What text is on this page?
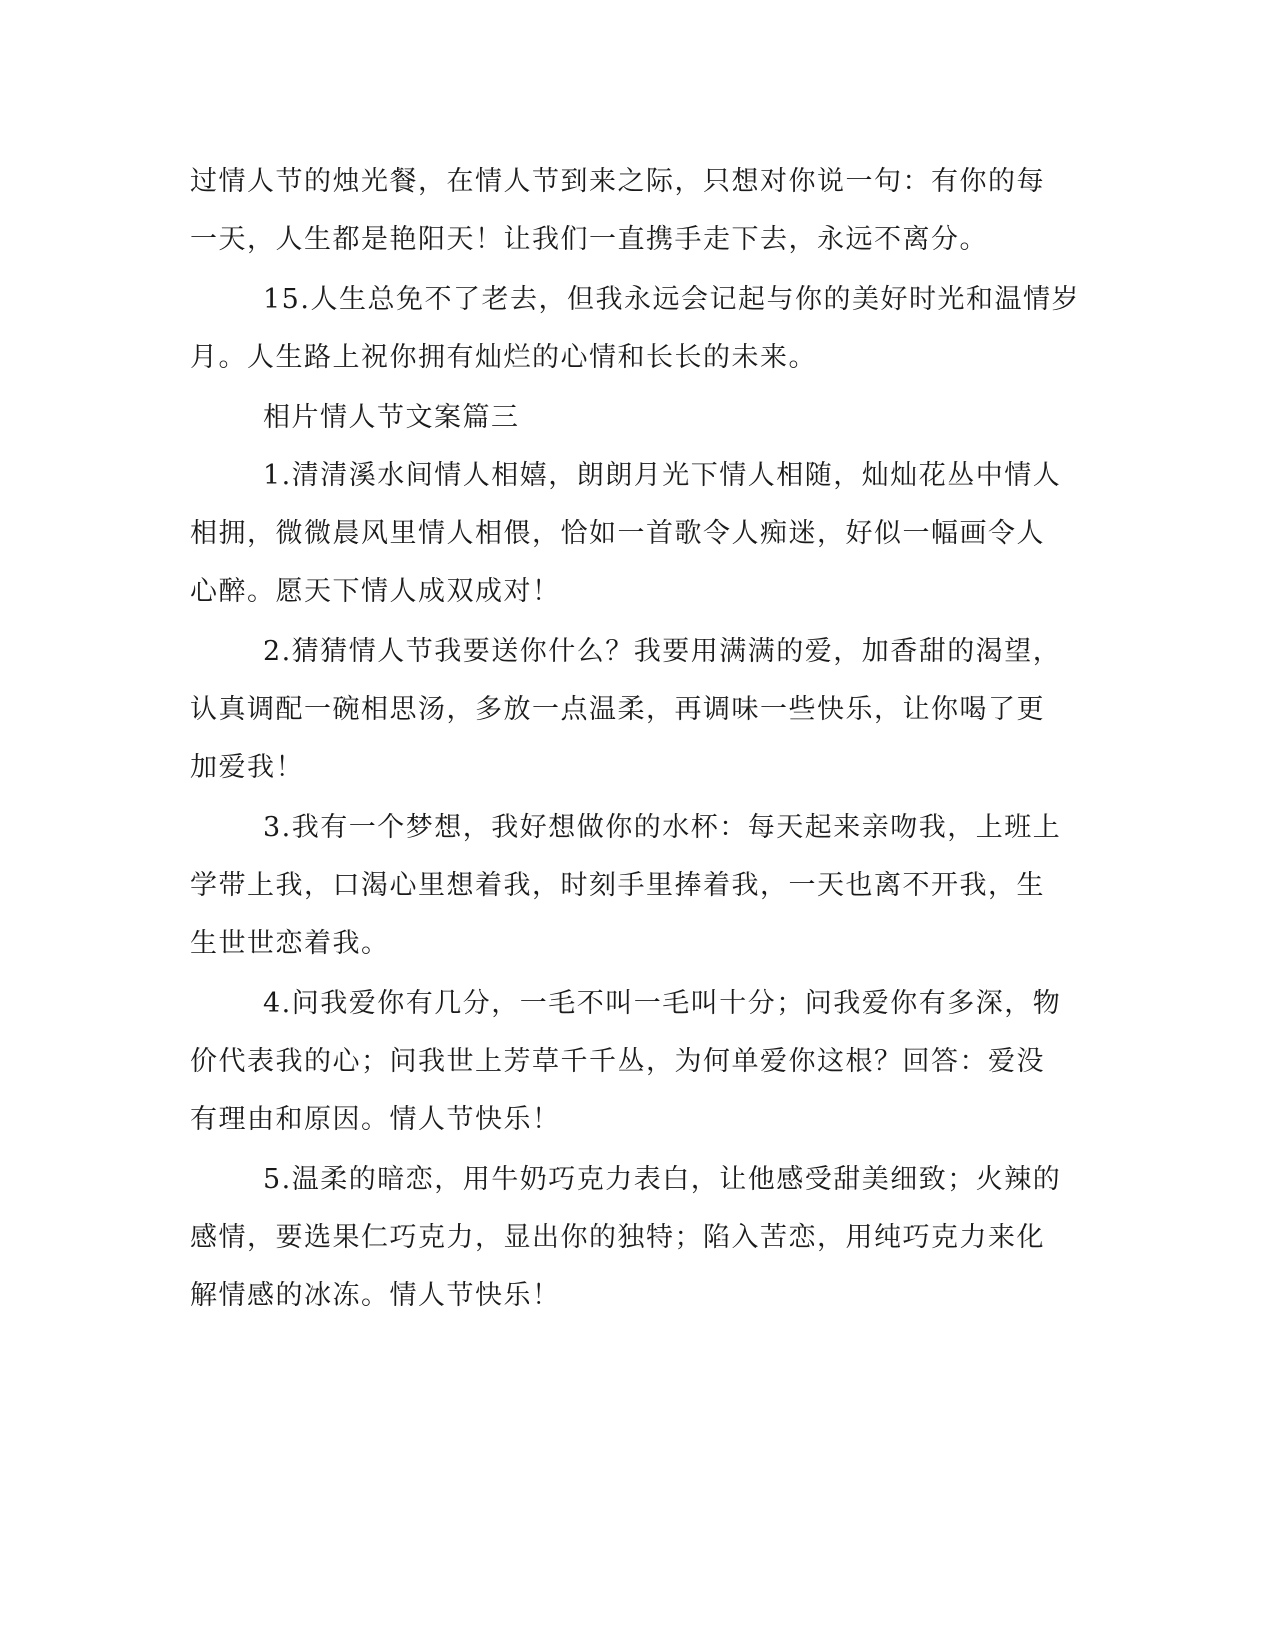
过情人节的烛光餐，在情人节到来之际，只想对你说一句：有你的每
一天，人生都是艳阳天！让我们一直携手走下去，永远不离分。
15.人生总免不了老去，但我永远会记起与你的美好时光和温情岁
月。人生路上祝你拥有灿烂的心情和长长的未来。
相片情人节文案篇三
1.清清溪水间情人相嬉，朗朗月光下情人相随，灿灿花丛中情人
相拥，微微晨风里情人相偎，恰如一首歌令人痴迷，好似一幅画令人
心醉。愿天下情人成双成对！
2.猜猜情人节我要送你什么？我要用满满的爱，加香甜的渴望，
认真调配一碗相思汤，多放一点温柔，再调味一些快乐，让你喝了更
加爱我！
3.我有一个梦想，我好想做你的水杯：每天起来亲吻我，上班上
学带上我，口渴心里想着我，时刻手里捧着我，一天也离不开我，生
生世世恋着我。
4.问我爱你有几分，一毛不叫一毛叫十分；问我爱你有多深，物
价代表我的心；问我世上芳草千千丛，为何单爱你这根？回答：爱没
有理由和原因。情人节快乐！
5.温柔的暗恋，用牛奶巧克力表白，让他感受甜美细致；火辣的
感情，要选果仁巧克力，显出你的独特；陷入苦恋，用纯巧克力来化
解情感的冰冻。情人节快乐！
